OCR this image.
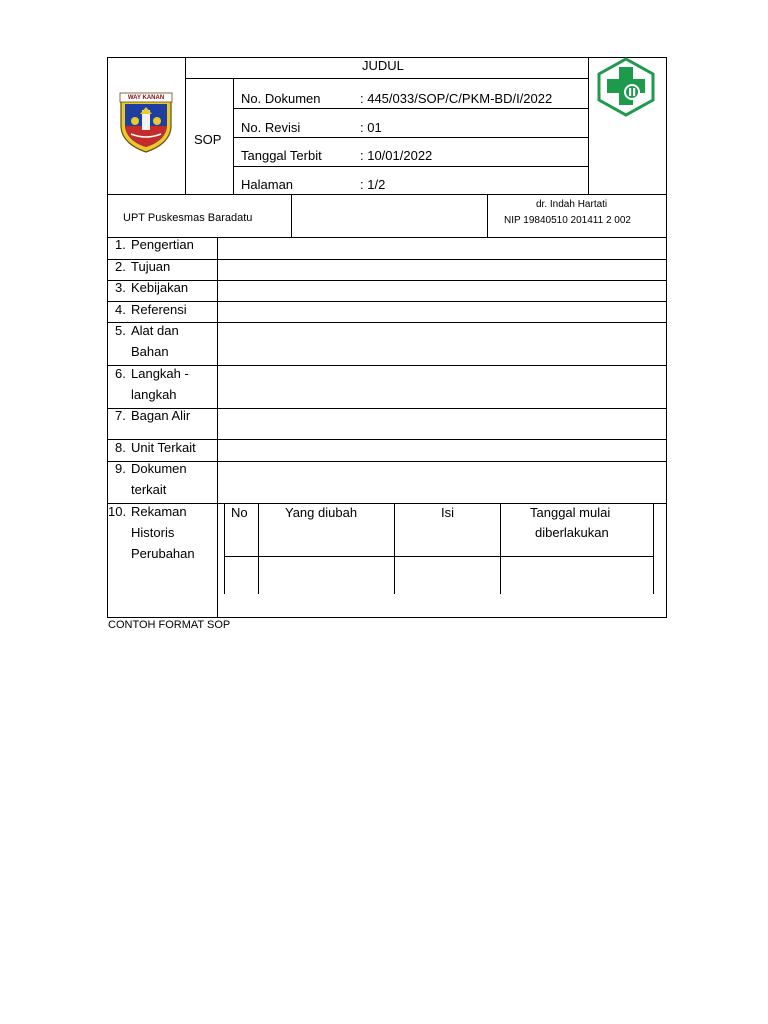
WAY KANAN
JUDUL
SOP
No. Dokumen	: 445/033/SOP/C/PKM-BD/I/2022
No. Revisi	: 01
Tanggal Terbit	: 10/01/2022
Halaman	: 1/2
UPT Puskesmas Baradatu
dr. Indah Hartati
NIP 19840510 201411 2 002
1. Pengertian
2. Tujuan
3. Kebijakan
4. Referensi
5. Alat dan
Bahan
6. Langkah -
langkah
7. Bagan Alir
8. Unit Terkait
9. Dokumen
terkait
10. Rekaman
Historis
Perubahan
No	Yang diubah	Isi	Tanggal mulai
diberlakukan
CONTOH FORMAT SOP
